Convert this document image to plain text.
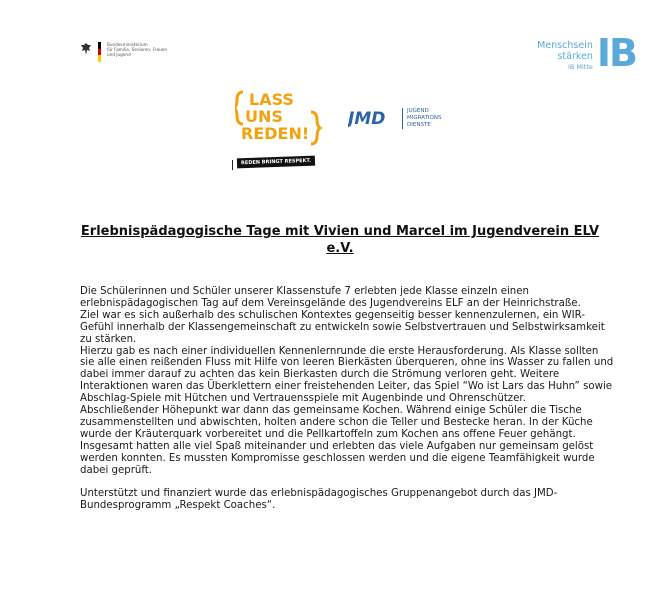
Bundesministerium
für Familie, Senioren, Frauen
und Jugend
Menschsein
stärken
IB Mitte IB
LASS
UNS
REDEN!
REDEN BRINGT RESPEKT.
JMD	JUGEND
MIGRATIONS
DIENSTE
Erlebnispädagogische Tage mit Vivien und Marcel im Jugendverein ELV e.V.

Die Schülerinnen und Schüler unserer Klassenstufe 7 erlebten jede Klasse einzeln einen erlebnispädagogischen Tag auf dem Vereinsgelände des Jugendvereins ELF an der Heinrichstraße.

Ziel war es sich außerhalb des schulischen Kontextes gegenseitig besser kennenzulernen, ein WIR-Gefühl innerhalb der Klassengemeinschaft zu entwickeln sowie Selbstvertrauen und Selbstwirksamkeit zu stärken.

Hierzu gab es nach einer individuellen Kennenlernrunde die erste Herausforderung. Als Klasse sollten sie alle einen reißenden Fluss mit Hilfe von leeren Bierkästen überqueren, ohne ins Wasser zu fallen und dabei immer darauf zu achten das kein Bierkasten durch die Strömung verloren geht. Weitere Interaktionen waren das Überklettern einer freistehenden Leiter, das Spiel “Wo ist Lars das Huhn” sowie Abschlag-Spiele mit Hütchen und Vertrauensspiele mit Augenbinde und Ohrenschützer.

Abschließender Höhepunkt war dann das gemeinsame Kochen. Während einige Schüler die Tische zusammenstellten und abwischten, holten andere schon die Teller und Bestecke heran. In der Küche wurde der Kräuterquark vorbereitet und die Pellkartoffeln zum Kochen ans offene Feuer gehängt.

Insgesamt hatten alle viel Spaß miteinander und erlebten das viele Aufgaben nur gemeinsam gelöst werden konnten. Es mussten Kompromisse geschlossen werden und die eigene Teamfähigkeit wurde dabei geprüft.

Unterstützt und finanziert wurde das erlebnispädagogisches Gruppenangebot durch das JMD-Bundesprogramm „Respekt Coaches“.
